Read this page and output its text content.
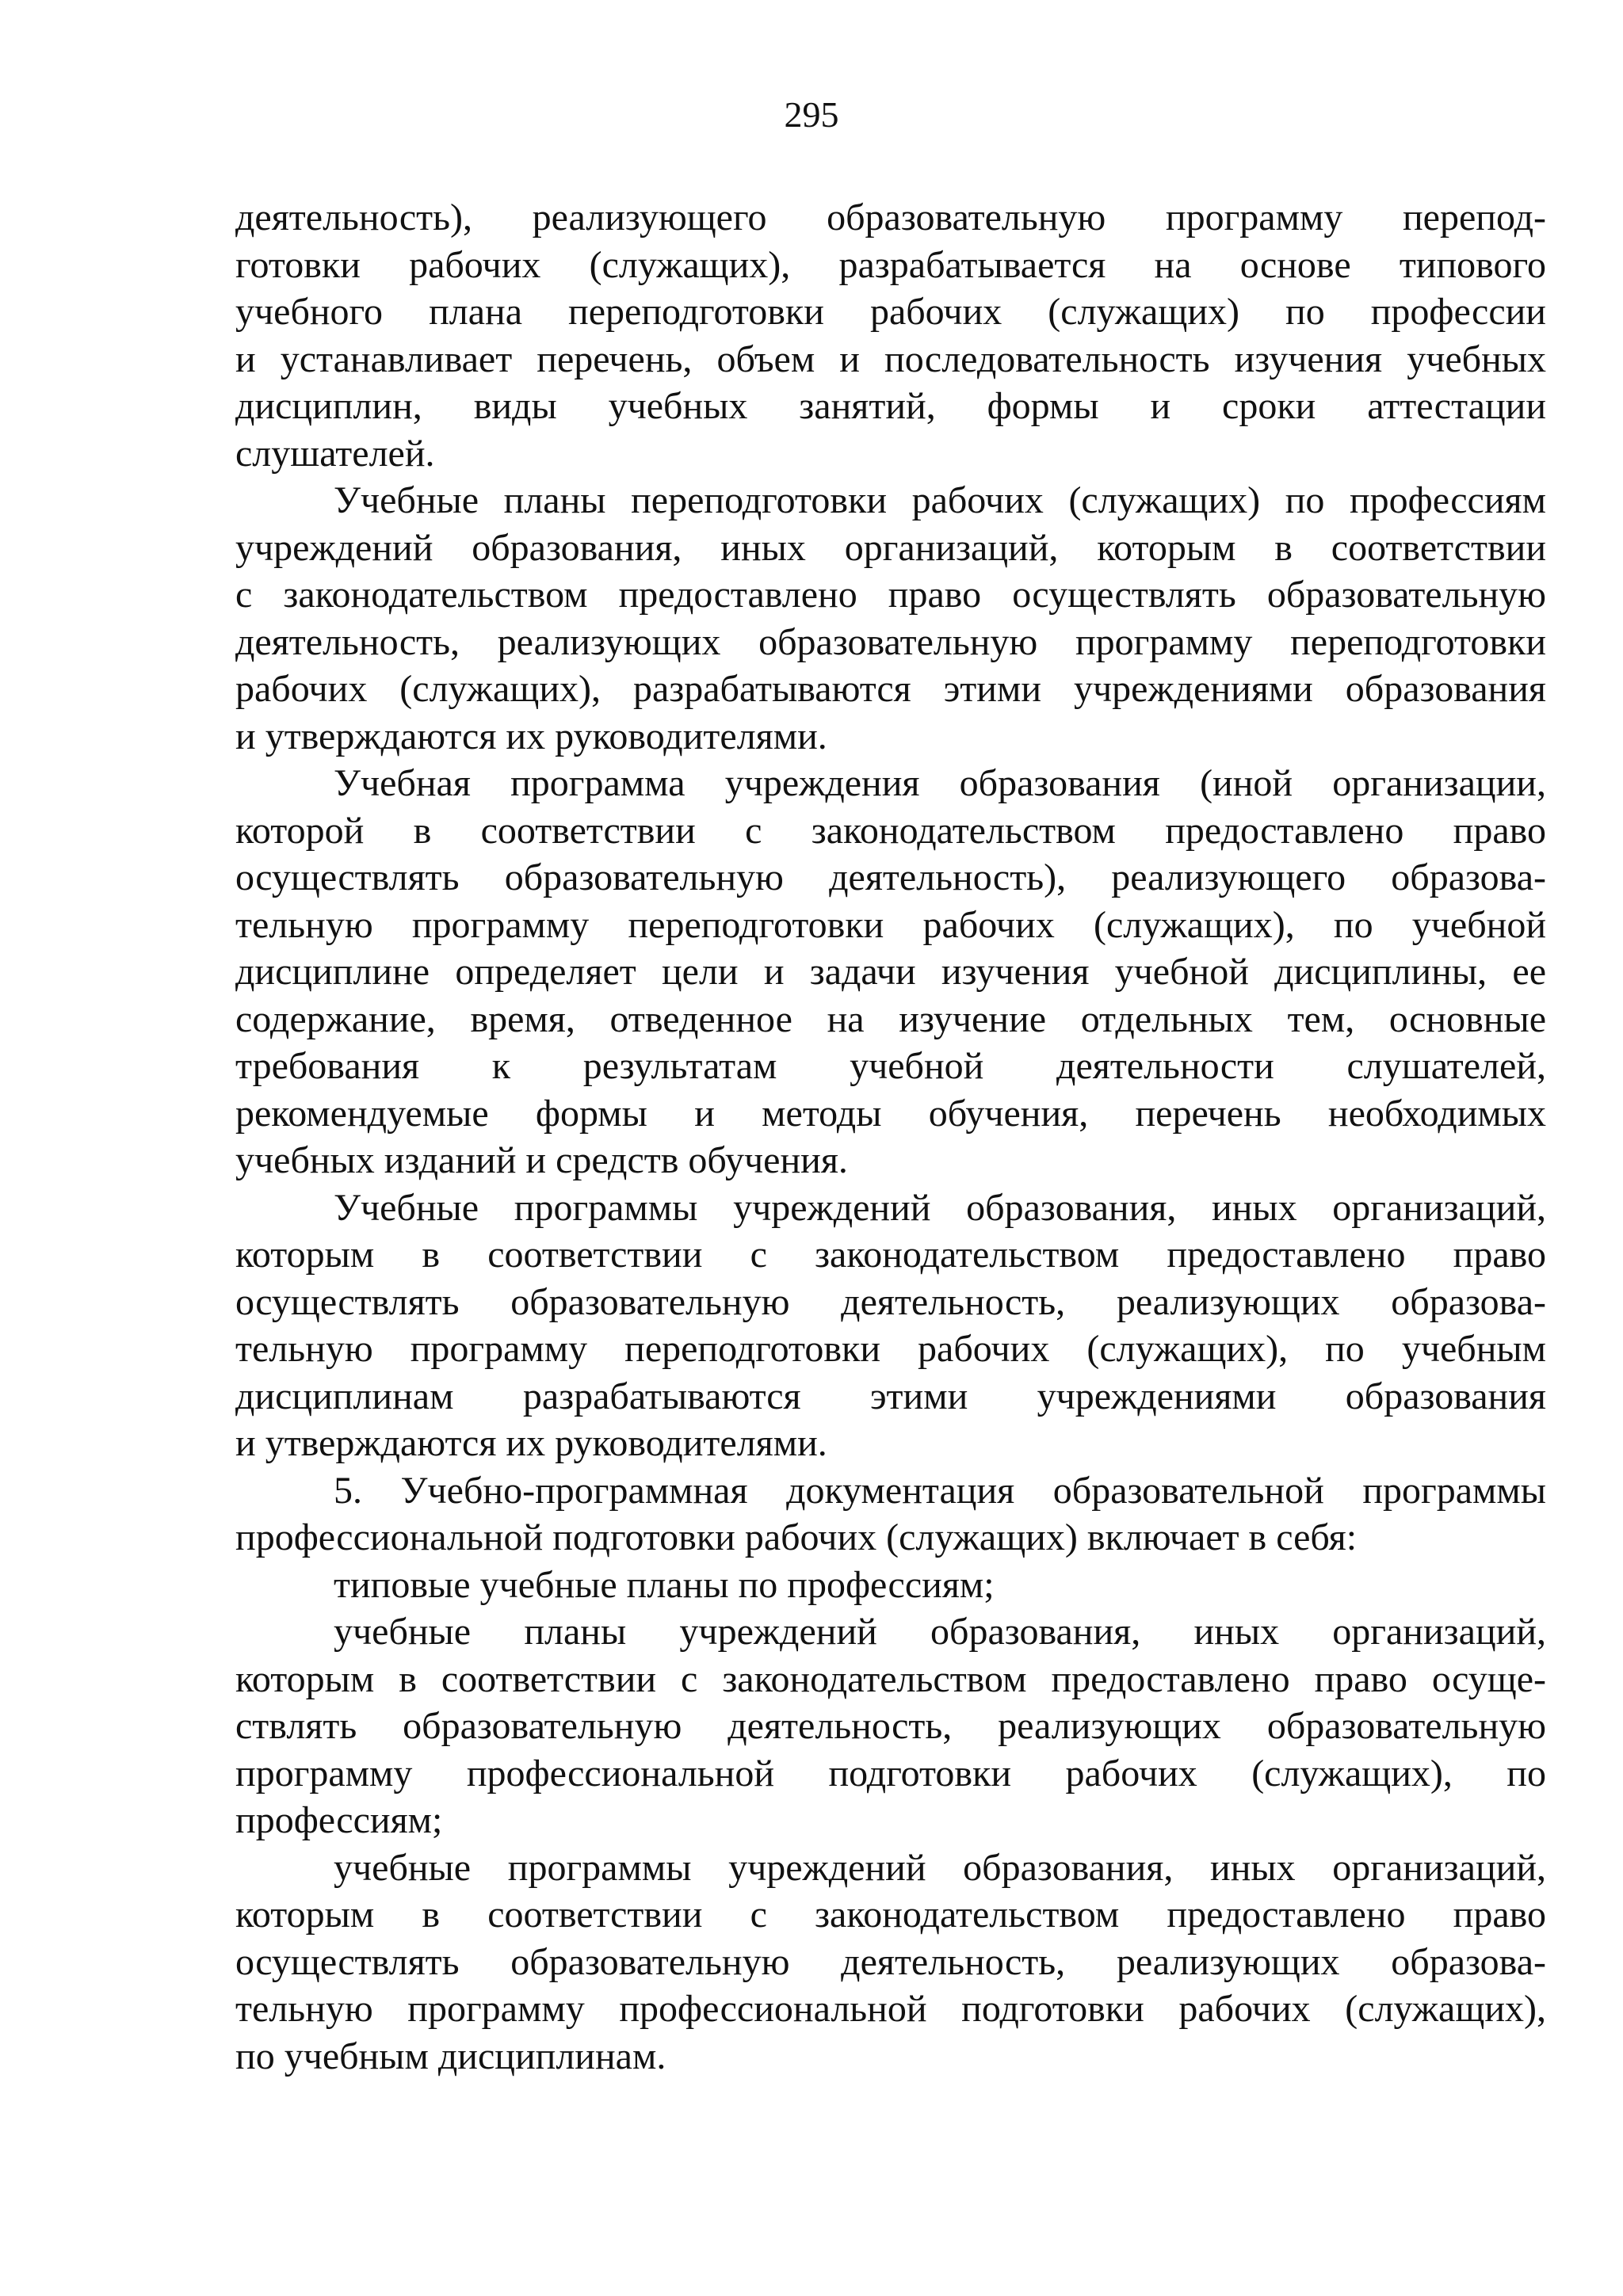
295
деятельность), реализующего образовательную программу перепод-
готовки рабочих (служащих), разрабатывается на основе типового
учебного плана переподготовки рабочих (служащих) по профессии
и устанавливает перечень, объем и последовательность изучения учебных
дисциплин, виды учебных занятий, формы и сроки аттестации
слушателей.
Учебные планы переподготовки рабочих (служащих) по профессиям
учреждений образования, иных организаций, которым в соответствии
с законодательством предоставлено право осуществлять образовательную
деятельность, реализующих образовательную программу переподготовки
рабочих (служащих), разрабатываются этими учреждениями образования
и утверждаются их руководителями.
Учебная программа учреждения образования (иной организации,
которой в соответствии с законодательством предоставлено право
осуществлять образовательную деятельность), реализующего образова-
тельную программу переподготовки рабочих (служащих), по учебной
дисциплине определяет цели и задачи изучения учебной дисциплины, ее
содержание, время, отведенное на изучение отдельных тем, основные
требования к результатам учебной деятельности слушателей,
рекомендуемые формы и методы обучения, перечень необходимых
учебных изданий и средств обучения.
Учебные программы учреждений образования, иных организаций,
которым в соответствии с законодательством предоставлено право
осуществлять образовательную деятельность, реализующих образова-
тельную программу переподготовки рабочих (служащих), по учебным
дисциплинам разрабатываются этими учреждениями образования
и утверждаются их руководителями.
5. Учебно-программная документация образовательной программы
профессиональной подготовки рабочих (служащих) включает в себя:
типовые учебные планы по профессиям;
учебные планы учреждений образования, иных организаций,
которым в соответствии с законодательством предоставлено право осуще-
ствлять образовательную деятельность, реализующих образовательную
программу профессиональной подготовки рабочих (служащих), по
профессиям;
учебные программы учреждений образования, иных организаций,
которым в соответствии с законодательством предоставлено право
осуществлять образовательную деятельность, реализующих образова-
тельную программу профессиональной подготовки рабочих (служащих),
по учебным дисциплинам.
